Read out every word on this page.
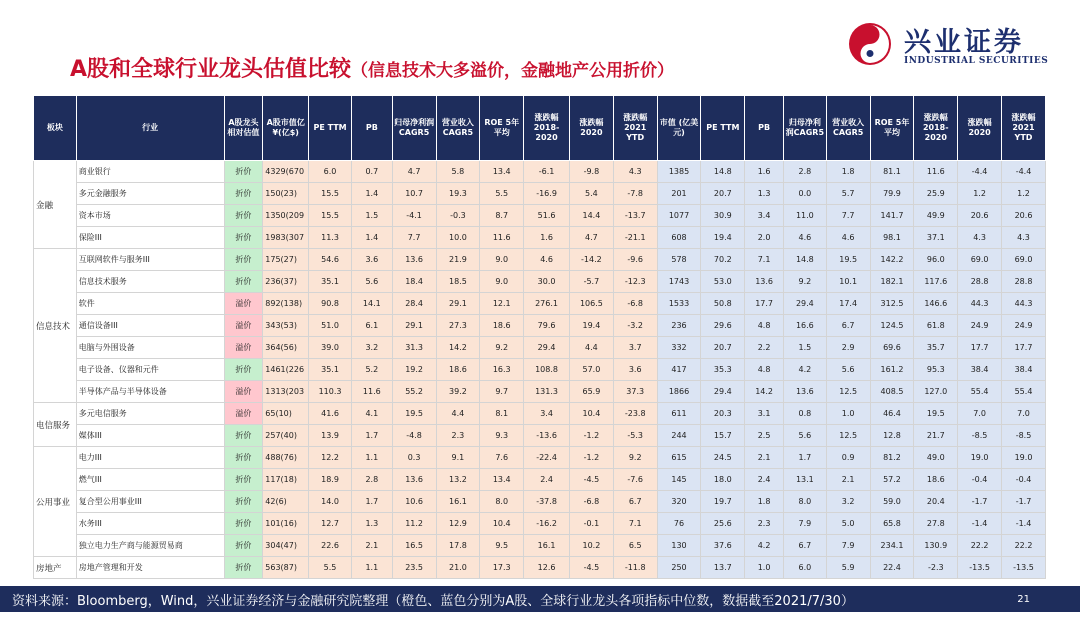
A股和全球行业龙头估值比较（信息技术大多溢价，金融地产公用折价）
兴业证券
INDUSTRIAL SECURITIES
板块	行业	A股龙头相对估值	A股市值亿¥(亿$)	PE TTM	PB	归母净利润CAGR5	营业收入CAGR5	ROE 5年平均	涨跌幅 2018-2020	涨跌幅 2020	涨跌幅 2021 YTD	市值 (亿美元)	PE TTM	PB	归母净利润CAGR5	营业收入CAGR5	ROE 5年平均	涨跌幅 2018-2020	涨跌幅 2020	涨跌幅 2021 YTD
金融	商业银行	折价	4329(670	6.0	0.7	4.7	5.8	13.4	-6.1	-9.8	4.3	1385	14.8	1.6	2.8	1.8	81.1	11.6	-4.4	-4.4
	多元金融服务	折价	150(23)	15.5	1.4	10.7	19.3	5.5	-16.9	5.4	-7.8	201	20.7	1.3	0.0	5.7	79.9	25.9	1.2	1.2
	资本市场	折价	1350(209	15.5	1.5	-4.1	-0.3	8.7	51.6	14.4	-13.7	1077	30.9	3.4	11.0	7.7	141.7	49.9	20.6	20.6
	保险III	折价	1983(307	11.3	1.4	7.7	10.0	11.6	1.6	4.7	-21.1	608	19.4	2.0	4.6	4.6	98.1	37.1	4.3	4.3
信息技术	互联网软件与服务III	折价	175(27)	54.6	3.6	13.6	21.9	9.0	4.6	-14.2	-9.6	578	70.2	7.1	14.8	19.5	142.2	96.0	69.0	69.0
	信息技术服务	折价	236(37)	35.1	5.6	18.4	18.5	9.0	30.0	-5.7	-12.3	1743	53.0	13.6	9.2	10.1	182.1	117.6	28.8	28.8
	软件	溢价	892(138)	90.8	14.1	28.4	29.1	12.1	276.1	106.5	-6.8	1533	50.8	17.7	29.4	17.4	312.5	146.6	44.3	44.3
	通信设备III	溢价	343(53)	51.0	6.1	29.1	27.3	18.6	79.6	19.4	-3.2	236	29.6	4.8	16.6	6.7	124.5	61.8	24.9	24.9
	电脑与外围设备	溢价	364(56)	39.0	3.2	31.3	14.2	9.2	29.4	4.4	3.7	332	20.7	2.2	1.5	2.9	69.6	35.7	17.7	17.7
	电子设备、仪器和元件	折价	1461(226	35.1	5.2	19.2	18.6	16.3	108.8	57.0	3.6	417	35.3	4.8	4.2	5.6	161.2	95.3	38.4	38.4
	半导体产品与半导体设备	溢价	1313(203	110.3	11.6	55.2	39.2	9.7	131.3	65.9	37.3	1866	29.4	14.2	13.6	12.5	408.5	127.0	55.4	55.4
电信服务	多元电信服务	溢价	65(10)	41.6	4.1	19.5	4.4	8.1	3.4	10.4	-23.8	611	20.3	3.1	0.8	1.0	46.4	19.5	7.0	7.0
	媒体III	折价	257(40)	13.9	1.7	-4.8	2.3	9.3	-13.6	-1.2	-5.3	244	15.7	2.5	5.6	12.5	12.8	21.7	-8.5	-8.5
公用事业	电力III	折价	488(76)	12.2	1.1	0.3	9.1	7.6	-22.4	-1.2	9.2	615	24.5	2.1	1.7	0.9	81.2	49.0	19.0	19.0
	燃气III	折价	117(18)	18.9	2.8	13.6	13.2	13.4	2.4	-4.5	-7.6	145	18.0	2.4	13.1	2.1	57.2	18.6	-0.4	-0.4
	复合型公用事业III	折价	42(6)	14.0	1.7	10.6	16.1	8.0	-37.8	-6.8	6.7	320	19.7	1.8	8.0	3.2	59.0	20.4	-1.7	-1.7
	水务III	折价	101(16)	12.7	1.3	11.2	12.9	10.4	-16.2	-0.1	7.1	76	25.6	2.3	7.9	5.0	65.8	27.8	-1.4	-1.4
	独立电力生产商与能源贸易商	折价	304(47)	22.6	2.1	16.5	17.8	9.5	16.1	10.2	6.5	130	37.6	4.2	6.7	7.9	234.1	130.9	22.2	22.2
房地产	房地产管理和开发	折价	563(87)	5.5	1.1	23.5	21.0	17.3	12.6	-4.5	-11.8	250	13.7	1.0	6.0	5.9	22.4	-2.3	-13.5	-13.5
资料来源：Bloomberg，Wind，兴业证券经济与金融研究院整理（橙色、蓝色分别为A股、全球行业龙头各项指标中位数，数据截至2021/7/30）	21
